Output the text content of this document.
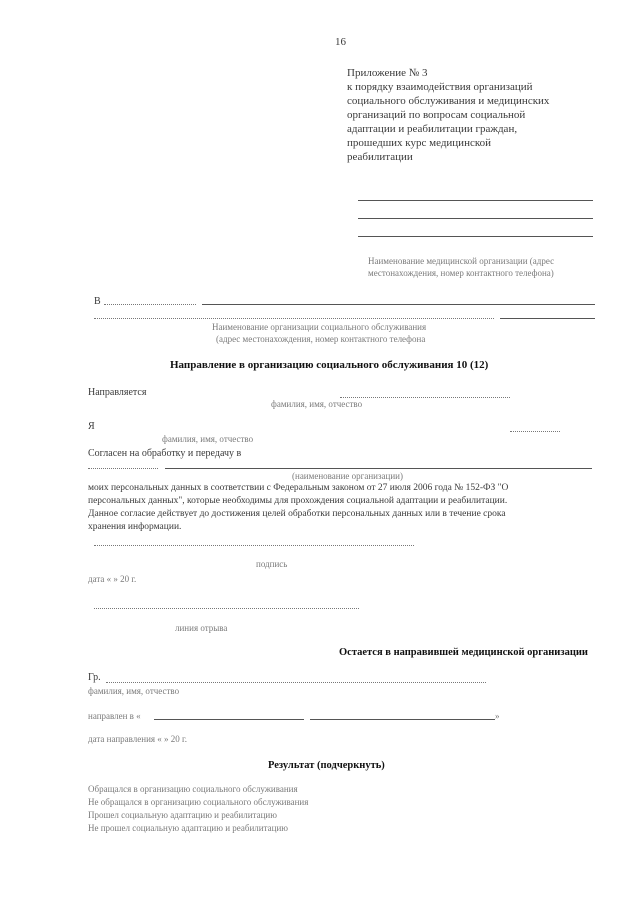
16
Приложение № 3
к порядку взаимодействия организаций
социального обслуживания и медицинских
организаций по вопросам социальной
адаптации и реабилитации граждан,
прошедших курс медицинской
реабилитации
Наименование медицинской организации (адрес
местонахождения, номер контактного телефона)
В
Наименование организации социального обслуживания
(адрес местонахождения, номер контактного телефона
Направление в организацию социального обслуживания 10 (12)
Направляется
фамилия, имя, отчество
Я
фамилия, имя, отчество
Согласен на обработку и передачу в
(наименование организации)
моих персональных данных в соответствии с Федеральным законом от 27 июля 2006 года № 152-ФЗ "О
персональных данных", которые необходимы для прохождения социальной адаптации и реабилитации.
Данное согласие действует до достижения целей обработки персональных данных или в течение срока
хранения информации.
подпись
дата « » 20 г.
линия отрыва
Остается в направившей медицинской организации
Гр.
фамилия, имя, отчество
направлен в «	»
дата направления « » 20 г.
Результат (подчеркнуть)
Обращался в организацию социального обслуживания
Не обращался в организацию социального обслуживания
Прошел социальную адаптацию и реабилитацию
Не прошел социальную адаптацию и реабилитацию
